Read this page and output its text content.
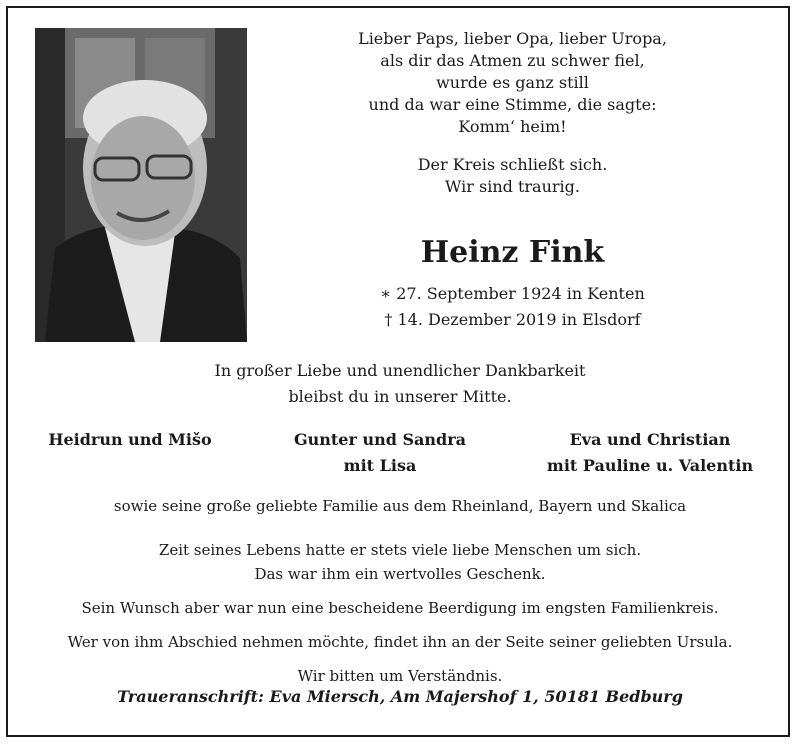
Lieber Paps, lieber Opa, lieber Uropa,
als dir das Atmen zu schwer fiel,
wurde es ganz still
und da war eine Stimme, die sagte:
Komm‘ heim!
Der Kreis schließt sich.
Wir sind traurig.
Heinz Fink
∗ 27. September 1924 in Kenten
† 14. Dezember 2019 in Elsdorf
In großer Liebe und unendlicher Dankbarkeit
bleibst du in unserer Mitte.
Heidrun und Mišo	Gunter und Sandra
mit Lisa
Eva und Christian
mit Pauline u. Valentin
sowie seine große geliebte Familie aus dem Rheinland, Bayern und Skalica
Zeit seines Lebens hatte er stets viele liebe Menschen um sich.
Das war ihm ein wertvolles Geschenk.
Sein Wunsch aber war nun eine bescheidene Beerdigung im engsten Familienkreis.
Wer von ihm Abschied nehmen möchte, findet ihn an der Seite seiner geliebten Ursula.
Wir bitten um Verständnis.
Traueranschrift: Eva Miersch, Am Majershof 1, 50181 Bedburg
